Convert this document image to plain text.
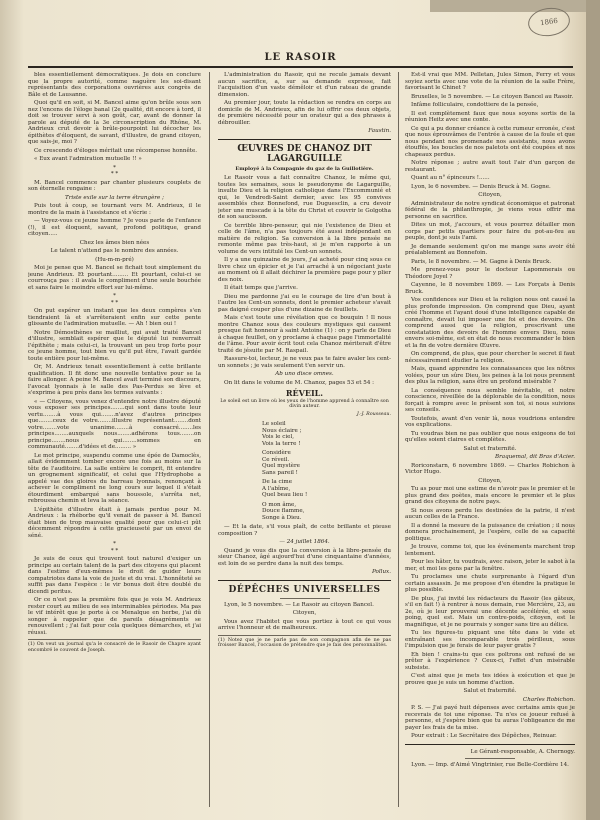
1866
LE RASOIR

bles essentiellement démocratiques. Je dois en conclure que la propre autorité, comme naguère les soi-disant représentants des corporations ouvrières aux congrès de Bâle et de Lausanne.

Quoi qu'il en soit, si M. Bancel aime qu'on brûle sous son nez l'encens de l'éloge banal (2e qualité, dit encore à tord, il doit se trouver servi à son goût, car, avant de donner la parole au député de la 3e circonscription du Rhône, M. Andrieux crut devoir à brûle-pourpoint lui décocher les épithètes d'éloquent, de savant, d'illustre, de grand citoyen, que sais-je, moi ?

Ce crescendo d'éloges méritait une récompense honnête.

« Eux avant l'admiration mutuelle !! »

*
* *

M. Bancel commence par chanter plusieurs couplets de son éternelle rengaine :

Triste exile sur la terre étrangère ;

Puis tout à coup, se tournant vers M. Andrieux, il le montre de la main à l'assistance et s'écrie :

— Voyez-vous ce jeune homme ? Je vous parle de l'enfance (!), il est éloquent, savant, profond politique, grand citoyen.....

Chez les âmes bien nées

Le talent n'attend pas le nombre des années.

(Hu-m-m-pré)

Moi je pense que M. Bancel se fichait tout simplement du jeune Andrieux. Et pourtant......... Et pourtant, celui-ci se courrouça pas : il avala le compliment d'une seule bouchée et sans faire le moindre effort sur lui-même.

*
* *

On put espérer un instant que les deux compères s'en tiendraient là et s'arrêteraient enfin sur cette pente glissante de l'admiration mutuelle. — Ah ! bien oui !

Notre Démosthènes se mailliut, qui avait traité Bancel d'illustre, semblait espérer que le député lui renverrait l'épithète ; mais celui-ci, la trouvant un peu trop forte pour ce jeune homme, tout bien vu qu'il put être, l'avait gardée toute entière pour lui-même.

Or, M. Andrieux tenait essentiellement à cette brillante qualification. Il fit donc une nouvelle tentative pour se la faire allonger. A peine M. Bancel avait terminé son discours, l'avocat lyonnais à le salle des Pas-Perdus se lève et s'exprime à peu près dans les termes suivants :

« — Citoyens, vous venez d'entendre notre illustre député vous exposer ses principes........qui sont dans toute leur vertu........à vous qui........n'avez d'autres principes que........ceux de votre........illustre représentant........dont votre........vote unanime........à consacré........les principes........auxquels nous........adhérons tous........on principe........nous qui........sommes en communauté........d'idées et de......... »

Le mot principe, suspendu comme une épée de Damoclès, allait évidemment tomber encore une fois au moins sur la tête de l'auditoire. La salle entière le comprit, fit entendre un grognement significatif, et celui que l'Hydrophobe a appelé vae des gloires du barreau lyonnais, renonçant à achever le compliment ne long cours sur lequel il s'était étourdiment embarqué sans boussole, s'arrêta net, rebroussa chemin et leva la séance.

L'épithète d'illustre était à jamais perdue pour M. Andrieux : la rhéborbe qu'il venait de passer à M. Bancel était bien de trop mauvaise qualité pour que celui-ci pût décemment répondre à cette gracieuseté par un envoi de séné.

*
* *

Je suis de ceux qui trouvent tout naturel d'exiger un principe au certain talent de la part des citoyens qui placent dans l'estime d'eux-mêmes le droit de guider leurs compatriotes dans la voie de juste et du vrai. L'honnêteté se suffit pas dans l'espèce : le vir bonus doit être doublé du dicendi peritus.

Or ce n'est pas la première fois que je vois M. Andrieux rester court au milieu de ses interminables périodes. Ma pas le vif intérêt que je porte à ce Menalque en herbe, j'ai dû songer à rappeler que de pareils désagréments se renouvellent ; j'ai fait pour cela quelques démarches, et j'ai réussi.

(1) On veut un journal qu'a le consacré de le Rasoir de Chapre ayant encombré le couvent de Joseph.

L'administration du Rasoir, qui ne recule jamais devant aucun sacrifice, a, sur sa demande expresse, fait l'acquisition d'un vaste démêloir et d'un rateau de grande dimension.

Au premier jour, toute la rédaction se rendra en corps au domicile de M. Andrieux, afin de lui offrir ces deux objets, de première nécessité pour un orateur qui a des phrases à débrouiller.

Faustin.

ŒUVRES DE CHANOZ DIT LAGARGUILLE

Employé à la Compagnie du gaz de la Guillotière.

Le Rasoir vous a fait connaître Chanoz, le même qui, toutes les semaines, sous le pseudonyme de Lagarguille, insulte Dieu et la religion catholique dans l'Excommunié et qui, le Vendredi-Saint dernier, avec les 95 convives assemblés chez Bonnefond, rue Duguesclin, a cru devoir jeter une muscade à la tête du Christ et couvrir le Golgotha de son saucisson.

Ce terrible libre-penseur, qui nie l'existence de Dieu et celle de l'âme, n'a pas toujours été aussi indépendant en matière de religion. Sa conversion à la libre pensée ne remonte même pas très-haut, si je m'en rapporte à un volume de vers intitulé les Cent-un sonnets.

Il y a une quinzaine de jours, j'ai acheté pour cinq sous ce livre chez un épicier et je l'ai arraché à un négociant juste au moment où il allait déchirer la première page pour y plier des noix.

Il était temps que j'arrive.

Dieu me pardonne j'ai eu le courage de lire d'un bout à l'autre les Cent-un sonnets, dont le premier acheteur s'avait pas daigné couper plus d'une dizaine de feuillets.

Mais c'est toute une révélation que ce bouquin ! Il nous montre Chanoz sous des couleurs mystiques qui causent presque fait honneur à saint Antoine (1) : on y parle de Dieu à chaque feuillet, on y proclame à chaque page l'immortalité de l'âme. Pour avoir écrit tout cela Chanoz mériterait d'être traité de jésuite par M. Raspail.

Rassure-toi, lecteur, je ne veux pas te faire avaler les cent-un sonnets ; je vais seulement t'en servir un.

Ab uno disce omnes.

On lit dans le volume de M. Chanoz, pages 53 et 54 :

RÉVEIL.

Le soleil est un livre où les yeux de l'homme apprend à connaître son divin auteur.

J.-J. Rousseau.

Le soleil
Nous éclaire ;
Vois le ciel,
Vois la terre !
Considère
Ce réveil.
Quel mystère
Sans pareil !
De la cime
A l'abîme,
Quel beau lieu !
O mon âme,
Douce flamme,
Songe à Dieu.

— Et la date, s'il vous plaît, de cette brillante et pieuse composition ?

— 24 juillet 1864.

Quand je vous dis que la conversion à la libre-pensée du sieur Chanoz, âgé aujourd'hui d'une cinquantaine d'années, est loin de se perdre dans la nuit des temps.

Pollux.

DÉPÊCHES UNIVERSELLES

Lyon, le 5 novembre. — Le Rasoir au citoyen Bancel.

Citoyen,

Vous avez l'habitet que vous portiez à tout ce qui vous arrive l'honneur et de malheureux.

(1) Notez que je ne parle pas de son compagnon afin de ne pas froisser Bancel, l'occasion de prétendre que je fais des personnalités.

Est-il vrai que MM. Pelletan, Jules Simon, Ferry et vous soyiez sortis avec une vote de la réunion de la salle Frère, favorisant le Chinet ?

Bruxelles, le 5 novembre. — Le citoyen Bancel au Rasoir.

Infâme folliculaire, condottiere de la pensée,

Il est complètement faux que nous soyons sortis de la réunion Heitz avec une conte.

Ce qui a pu donner créance à cette rumeur erronée, c'est que nous éprouvâmes de l'entrée à cause de la foule et que nous pendant nos promenade nos assistants, nous avons étouffés, les boucles de nos paletots ont été coupées et nos chapeaux perdus.

Notre réponse ; autre avait tout l'air d'un garçon de restaurant.

Quant au n° épinceurs !......

Lyon, le 6 novembre. — Denis Bruck à M. Gogne.

Citoyen,

Administrateur de notre syndicat économique et patronat fédéral de la philanthropie, je viens vous offrir ma personne en sacrifice.

Dites un mot, j'accours, et vous pourrez détailler mon corps par petits quartiers pour faire du pot-au-feu au peuple, dont je suis l'ami.

Je demande seulement qu'on me mange sans avoir été préalablement au Bonnefoin.

Paris, le 8 novembre. — M. Gagne à Denis Bruck.

Me prenez-vous pour le docteur Lapommerais ou Théodore Joyel ?

Cayenne, le 8 novembre 1869. — Les Forçats à Denis Bruck.

Vos confidences sur Dieu et la religion nous ont causé la plus profonde impression. On comprend que Dieu, ayant créé l'homme et l'ayant doué d'une intelligence capable de connaître, devait lui imposer une foi et des devoirs. On comprend aussi que la religion, prescrivant une constatation des devoirs de l'homme envers Dieu, nous envers soi-même, est en état de nous recommander le bien et la fin de votre dernière Œuvre.

On comprend, de plus, que pour chercher le secret il faut nécessairement étudier la religion.

Mais, quand apprendre les connaissances que les nôtres volées, pour un sûre Dieu, les peines à la loi nous prennent des plus la religion, sans être un profond misérable ?

La conséquence nous semble inévitable, et notre conscience, réveillée de la déplorable de la condition, nous forçait à rompre avec le présent son toi, si nous suivions ses conseils.

Toutefois, avant d'en venir là, nous voudrions entendre vos explications.

Tu voudras bien ne pas oublier que nous exigeons de toi qu'elles soient claires et complètes.

Salut et fraternité.

Braquemal, dit Bras d'Acier.

Roriconstarn, 6 novembre 1869. — Charles Robichon à Victor Hugo.

Citoyen,

Tu as pour moi une estime de n'avoir pas le premier et le plus grand des poètes, mais encore le premier et le plus grand des citoyens de notre pays.

Si nous avons perdu les destinées de la patrie, il n'est aucun celles de la France.

Il a donné la mesure de la puissance de création ; il nous donnera prochainement, je l'espère, celle de sa capacité politique.

Je trouve, comme toi, que les événements marchent trop lentement.

Pour les hâter, tu voudrais, avec raison, jeter le sabot à la mer, et moi les gens par la fenêtre.

Tu proclames une chute surprenante à l'égard d'un certain assassin. Je me propose d'en étendre la pratique le plus possible.

De plus, j'ai invité les rédacteurs du Rasoir (les gâteux, s'il en fait !) à rentrer à nous demain, rue Mercière, 23, au 2e, où je leur prouverai une décente accélérée, et sous poing, quel est. Mais un contre-poids, citoyen, est le magnifique, et je ne pourrais y songer sans tire au délice.

Tu les figures-tu piquant une tête dans le vide et entraînant ses incomparable trois périlleux, sous l'impulsion que je ferais de leur payer gratis ?

Eh bien ! crains-tu que ces poltrons ont refusé de se prêter à l'expérience ? Ceux-ci, l'effet d'un misérable subsiste.

C'est ainsi que je mets tes idées à exécution et que je prouve que je suis un homme d'action.

Salut et fraternité.

Charles Robichon.

P. S. — J'ai payé huit dépenses avec certains amis que je recevrais de toi une réponse. Tu n'es ce joueur refusé à personne, et j'espère bien que tu auras l'obligeance de me payer les frais de ta mise.

Pour extrait : Le Secrétaire des Dépêches, Reinuar.

Le Gérant-responsable, A. Chernogy.

Lyon. — Imp. d'Aimé Vingtrinier, rue Belle-Cordière 14.
